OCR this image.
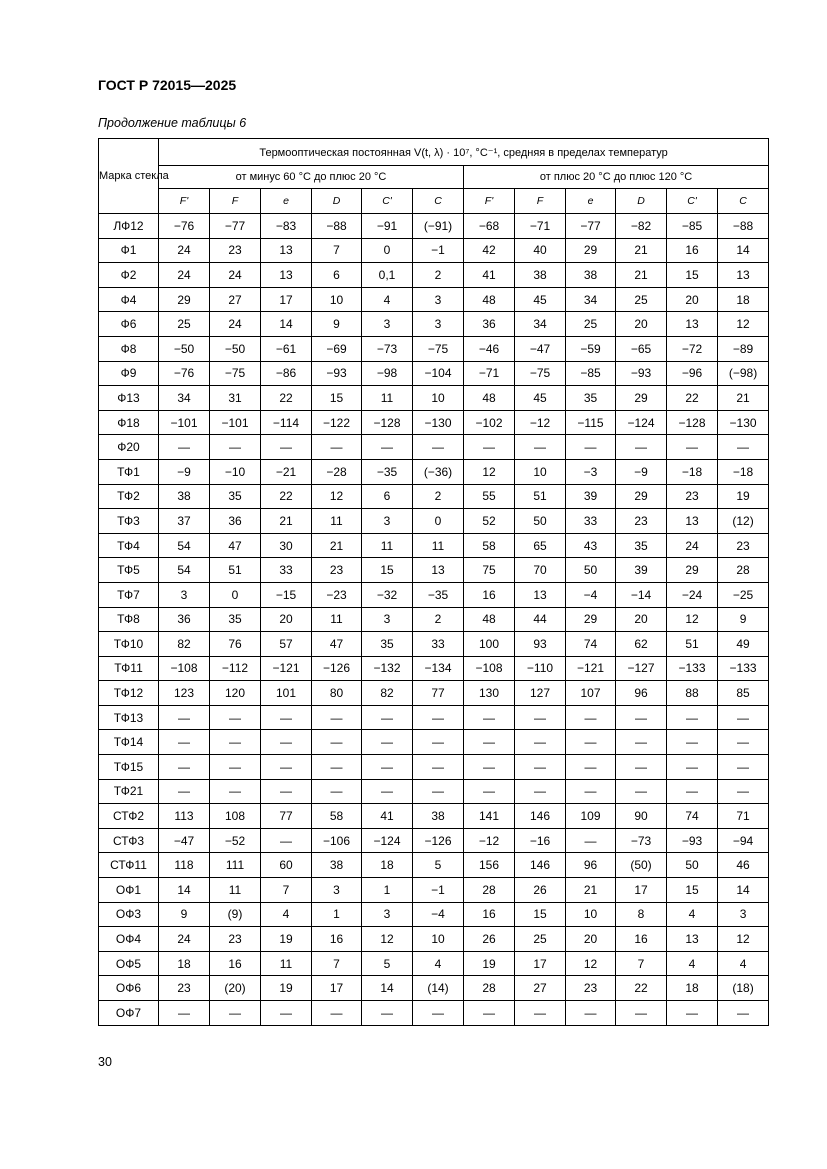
ГОСТ Р 72015—2025
Продолжение таблицы 6
Марка стекла	Термооптическая постоянная V(t, λ) · 10⁷, °С⁻¹, средняя в пределах температур											
	от минус 60 °С до плюс 20 °С						от плюс 20 °С до плюс 120 °С					
	F'	F	e	D	C'	C	F'	F	e	D	C'	C
ЛФ12	−76	−77	−83	−88	−91	(−91)	−68	−71	−77	−82	−85	−88
Ф1	24	23	13	7	0	−1	42	40	29	21	16	14
Ф2	24	24	13	6	0,1	2	41	38	38	21	15	13
Ф4	29	27	17	10	4	3	48	45	34	25	20	18
Ф6	25	24	14	9	3	3	36	34	25	20	13	12
Ф8	−50	−50	−61	−69	−73	−75	−46	−47	−59	−65	−72	−89
Ф9	−76	−75	−86	−93	−98	−104	−71	−75	−85	−93	−96	(−98)
Ф13	34	31	22	15	11	10	48	45	35	29	22	21
Ф18	−101	−101	−114	−122	−128	−130	−102	−12	−115	−124	−128	−130
Ф20	—	—	—	—	—	—	—	—	—	—	—	—
ТФ1	−9	−10	−21	−28	−35	(−36)	12	10	−3	−9	−18	−18
ТФ2	38	35	22	12	6	2	55	51	39	29	23	19
ТФ3	37	36	21	11	3	0	52	50	33	23	13	(12)
ТФ4	54	47	30	21	11	11	58	65	43	35	24	23
ТФ5	54	51	33	23	15	13	75	70	50	39	29	28
ТФ7	3	0	−15	−23	−32	−35	16	13	−4	−14	−24	−25
ТФ8	36	35	20	11	3	2	48	44	29	20	12	9
ТФ10	82	76	57	47	35	33	100	93	74	62	51	49
ТФ11	−108	−112	−121	−126	−132	−134	−108	−110	−121	−127	−133	−133
ТФ12	123	120	101	80	82	77	130	127	107	96	88	85
ТФ13	—	—	—	—	—	—	—	—	—	—	—	—
ТФ14	—	—	—	—	—	—	—	—	—	—	—	—
ТФ15	—	—	—	—	—	—	—	—	—	—	—	—
ТФ21	—	—	—	—	—	—	—	—	—	—	—	—
СТФ2	113	108	77	58	41	38	141	146	109	90	74	71
СТФ3	−47	−52	—	−106	−124	−126	−12	−16	—	−73	−93	−94
СТФ11	118	111	60	38	18	5	156	146	96	(50)	50	46
ОФ1	14	11	7	3	1	−1	28	26	21	17	15	14
ОФ3	9	(9)	4	1	3	−4	16	15	10	8	4	3
ОФ4	24	23	19	16	12	10	26	25	20	16	13	12
ОФ5	18	16	11	7	5	4	19	17	12	7	4	4
ОФ6	23	(20)	19	17	14	(14)	28	27	23	22	18	(18)
ОФ7	—	—	—	—	—	—	—	—	—	—	—	—
30
